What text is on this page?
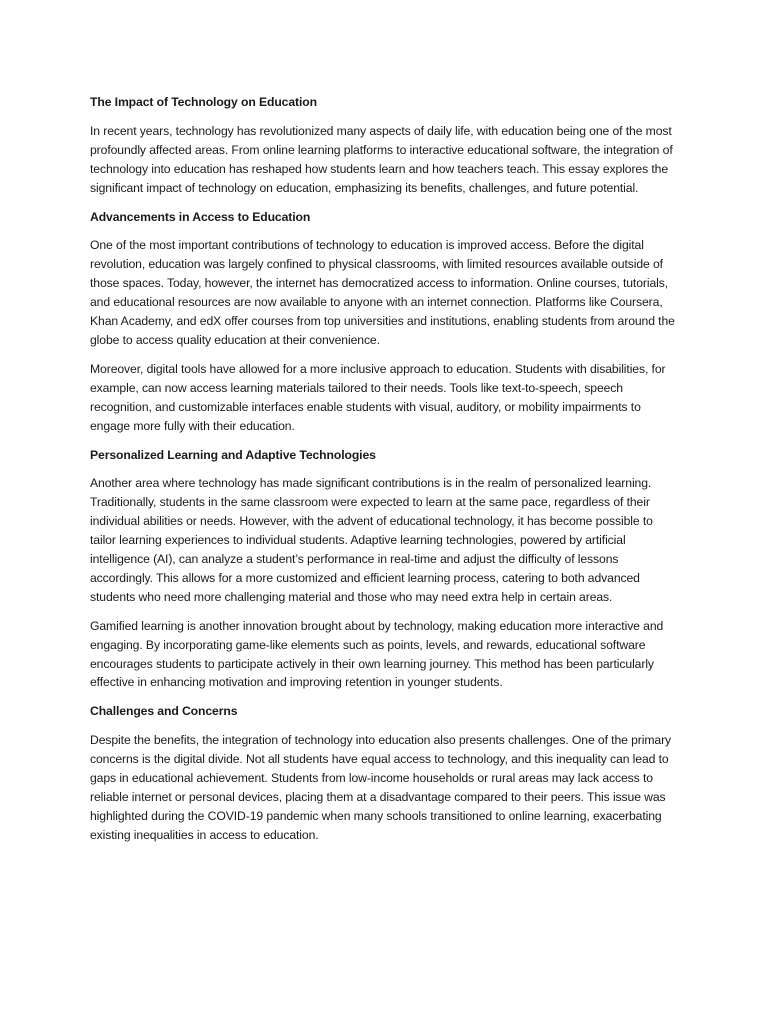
The Impact of Technology on Education
In recent years, technology has revolutionized many aspects of daily life, with education being one of the most profoundly affected areas. From online learning platforms to interactive educational software, the integration of technology into education has reshaped how students learn and how teachers teach. This essay explores the significant impact of technology on education, emphasizing its benefits, challenges, and future potential.
Advancements in Access to Education
One of the most important contributions of technology to education is improved access. Before the digital revolution, education was largely confined to physical classrooms, with limited resources available outside of those spaces. Today, however, the internet has democratized access to information. Online courses, tutorials, and educational resources are now available to anyone with an internet connection. Platforms like Coursera, Khan Academy, and edX offer courses from top universities and institutions, enabling students from around the globe to access quality education at their convenience.
Moreover, digital tools have allowed for a more inclusive approach to education. Students with disabilities, for example, can now access learning materials tailored to their needs. Tools like text-to-speech, speech recognition, and customizable interfaces enable students with visual, auditory, or mobility impairments to engage more fully with their education.
Personalized Learning and Adaptive Technologies
Another area where technology has made significant contributions is in the realm of personalized learning. Traditionally, students in the same classroom were expected to learn at the same pace, regardless of their individual abilities or needs. However, with the advent of educational technology, it has become possible to tailor learning experiences to individual students. Adaptive learning technologies, powered by artificial intelligence (AI), can analyze a student’s performance in real-time and adjust the difficulty of lessons accordingly. This allows for a more customized and efficient learning process, catering to both advanced students who need more challenging material and those who may need extra help in certain areas.
Gamified learning is another innovation brought about by technology, making education more interactive and engaging. By incorporating game-like elements such as points, levels, and rewards, educational software encourages students to participate actively in their own learning journey. This method has been particularly effective in enhancing motivation and improving retention in younger students.
Challenges and Concerns
Despite the benefits, the integration of technology into education also presents challenges. One of the primary concerns is the digital divide. Not all students have equal access to technology, and this inequality can lead to gaps in educational achievement. Students from low-income households or rural areas may lack access to reliable internet or personal devices, placing them at a disadvantage compared to their peers. This issue was highlighted during the COVID-19 pandemic when many schools transitioned to online learning, exacerbating existing inequalities in access to education.
